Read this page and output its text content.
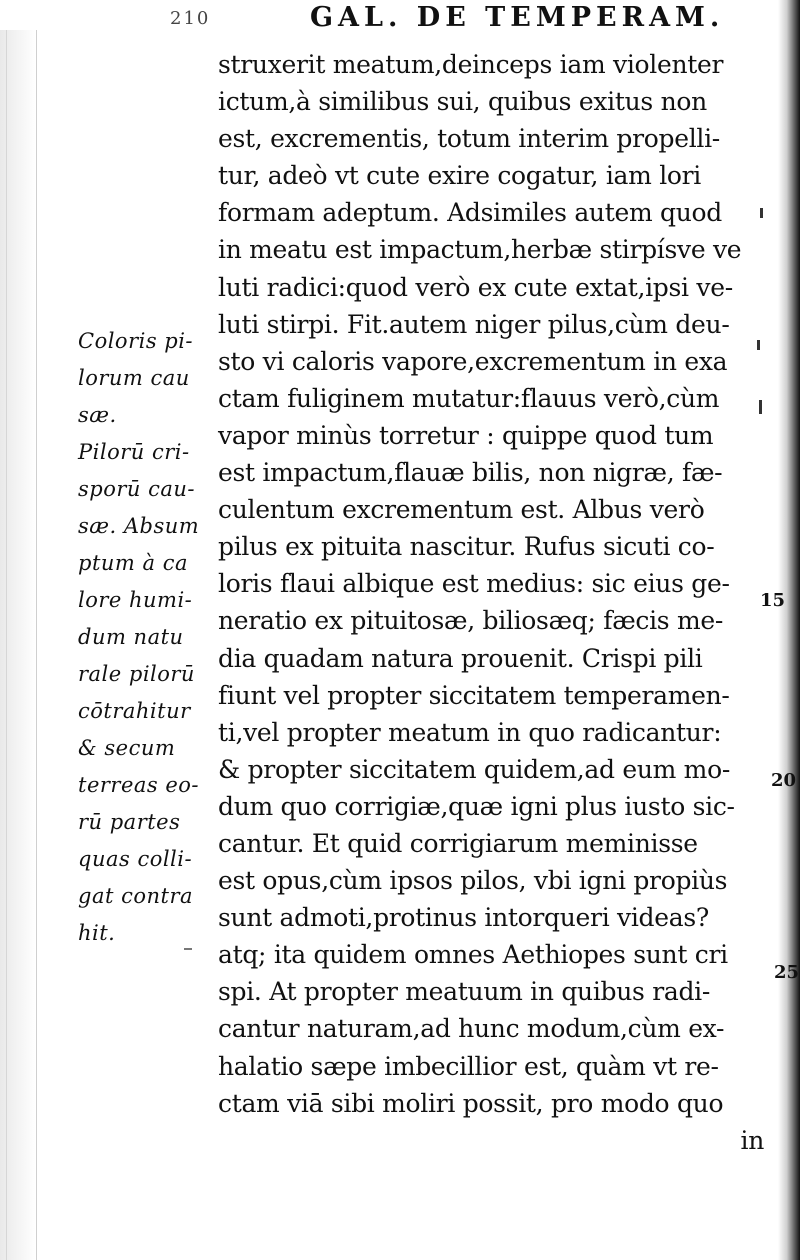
210	GAL. DE TEMPERAM.
Coloris pi-
lorum cau
sæ.
Pilorū cri-
sporū cau-
sæ. Absum
ptum à ca
lore humi-
dum natu
rale pilorū
cōtrahitur
& secum
terreas eo-
rū partes
quas colli-
gat contra
hit.
struxerit meatum,deinceps iam violenter
ictum,à similibus sui, quibus exitus non
est, excrementis, totum interim propelli-
tur, adeò vt cute exire cogatur, iam lori
formam adeptum. Adsimiles autem quod
in meatu est impactum,herbæ stirpísve ve
luti radici:quod verò ex cute extat,ipsi ve-
luti stirpi. Fit.autem niger pilus,cùm deu-
sto vi caloris vapore,excrementum in exa
ctam fuliginem mutatur:flauus verò,cùm
vapor minùs torretur : quippe quod tum
est impactum,flauæ bilis, non nigræ, fæ-
culentum excrementum est. Albus verò
pilus ex pituita nascitur. Rufus sicuti co-
loris flaui albique est medius: sic eius ge-
neratio ex pituitosæ, biliosæq; fæcis me-
dia quadam natura prouenit. Crispi pili
fiunt vel propter siccitatem temperamen-
ti,vel propter meatum in quo radicantur:
& propter siccitatem quidem,ad eum mo-
dum quo corrigiæ,quæ igni plus iusto sic-
cantur. Et quid corrigiarum meminisse
est opus,cùm ipsos pilos, vbi igni propiùs
sunt admoti,protinus intorqueri videas?
atq; ita quidem omnes Aethiopes sunt cri
spi. At propter meatuum in quibus radi-
cantur naturam,ad hunc modum,cùm ex-
halatio sæpe imbecillior est, quàm vt re-
ctam viā sibi moliri possit, pro modo quo
in
15
20
25
